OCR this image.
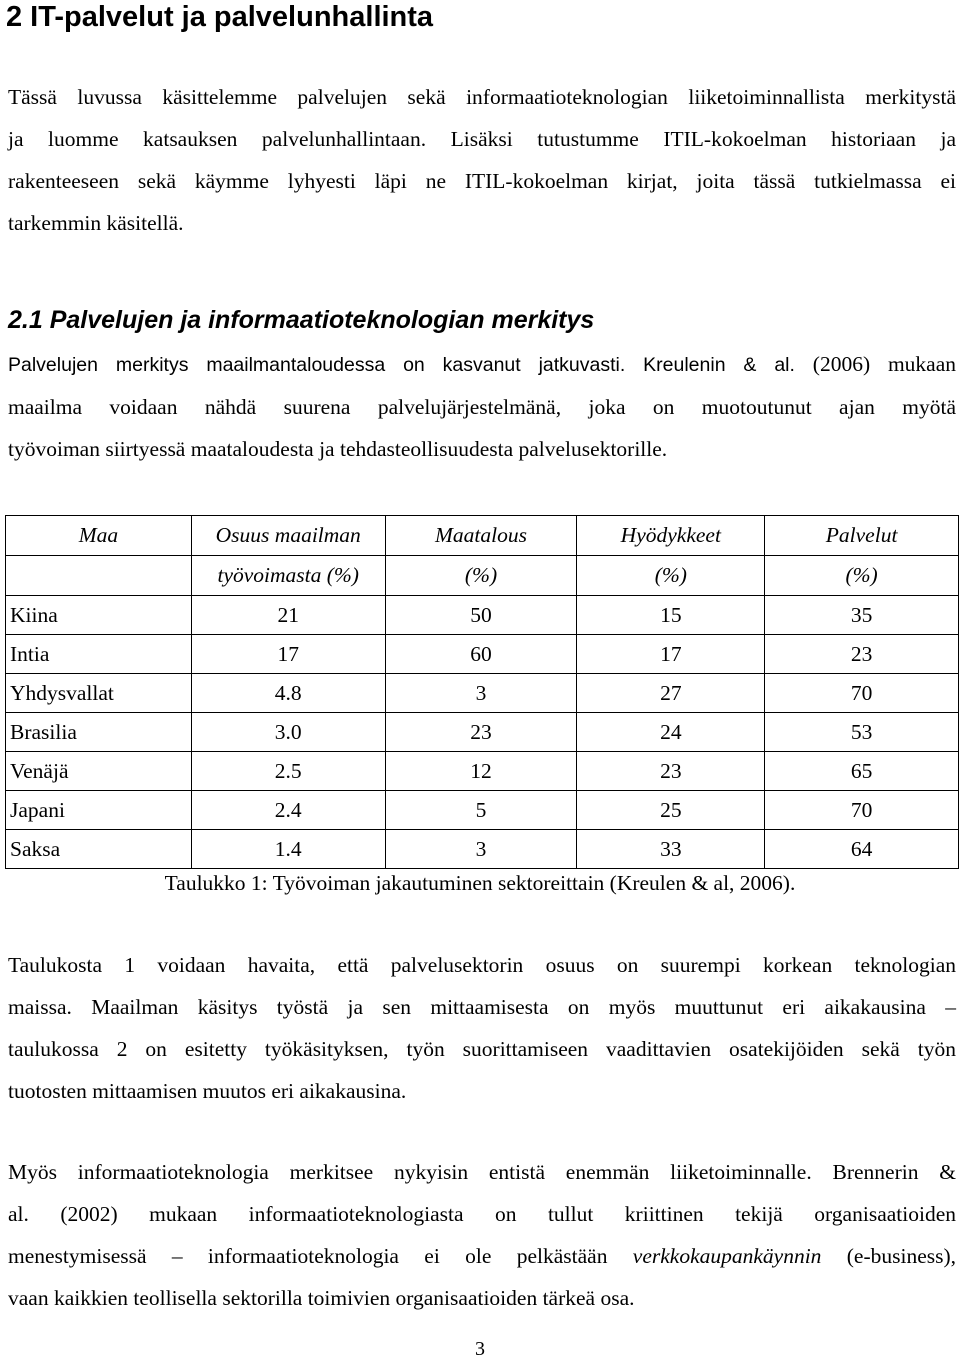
2 IT-palvelut ja palvelunhallinta
Tässä luvussa käsittelemme palvelujen sekä informaatioteknologian liiketoiminnallista merkitystä
ja luomme katsauksen palvelunhallintaan. Lisäksi tutustumme ITIL-kokoelman historiaan ja
rakenteeseen sekä käymme lyhyesti läpi ne ITIL-kokoelman kirjat, joita tässä tutkielmassa ei
tarkemmin käsitellä.
2.1 Palvelujen ja informaatioteknologian merkitys
Palvelujen merkitys maailmantaloudessa on kasvanut jatkuvasti. Kreulenin & al. (2006) mukaan
maailma voidaan nähdä suurena palvelujärjestelmänä, joka on muotoutunut ajan myötä
työvoiman siirtyessä maataloudesta ja tehdasteollisuudesta palvelusektorille.
Maa	Osuus maailman	Maatalous	Hyödykkeet	Palvelut
	työvoimasta (%)	(%)	(%)	(%)
Kiina	21	50	15	35
Intia	17	60	17	23
Yhdysvallat	4.8	3	27	70
Brasilia	3.0	23	24	53
Venäjä	2.5	12	23	65
Japani	2.4	5	25	70
Saksa	1.4	3	33	64
Taulukko 1: Työvoiman jakautuminen sektoreittain (Kreulen & al, 2006).
Taulukosta 1 voidaan havaita, että palvelusektorin osuus on suurempi korkean teknologian
maissa. Maailman käsitys työstä ja sen mittaamisesta on myös muuttunut eri aikakausina –
taulukossa 2 on esitetty työkäsityksen, työn suorittamiseen vaadittavien osatekijöiden sekä työn
tuotosten mittaamisen muutos eri aikakausina.
Myös informaatioteknologia merkitsee nykyisin entistä enemmän liiketoiminnalle. Brennerin &
al. (2002) mukaan informaatioteknologiasta on tullut kriittinen tekijä organisaatioiden
menestymisessä – informaatioteknologia ei ole pelkästään verkkokaupankäynnin (e-business),
vaan kaikkien teollisella sektorilla toimivien organisaatioiden tärkeä osa.
3
